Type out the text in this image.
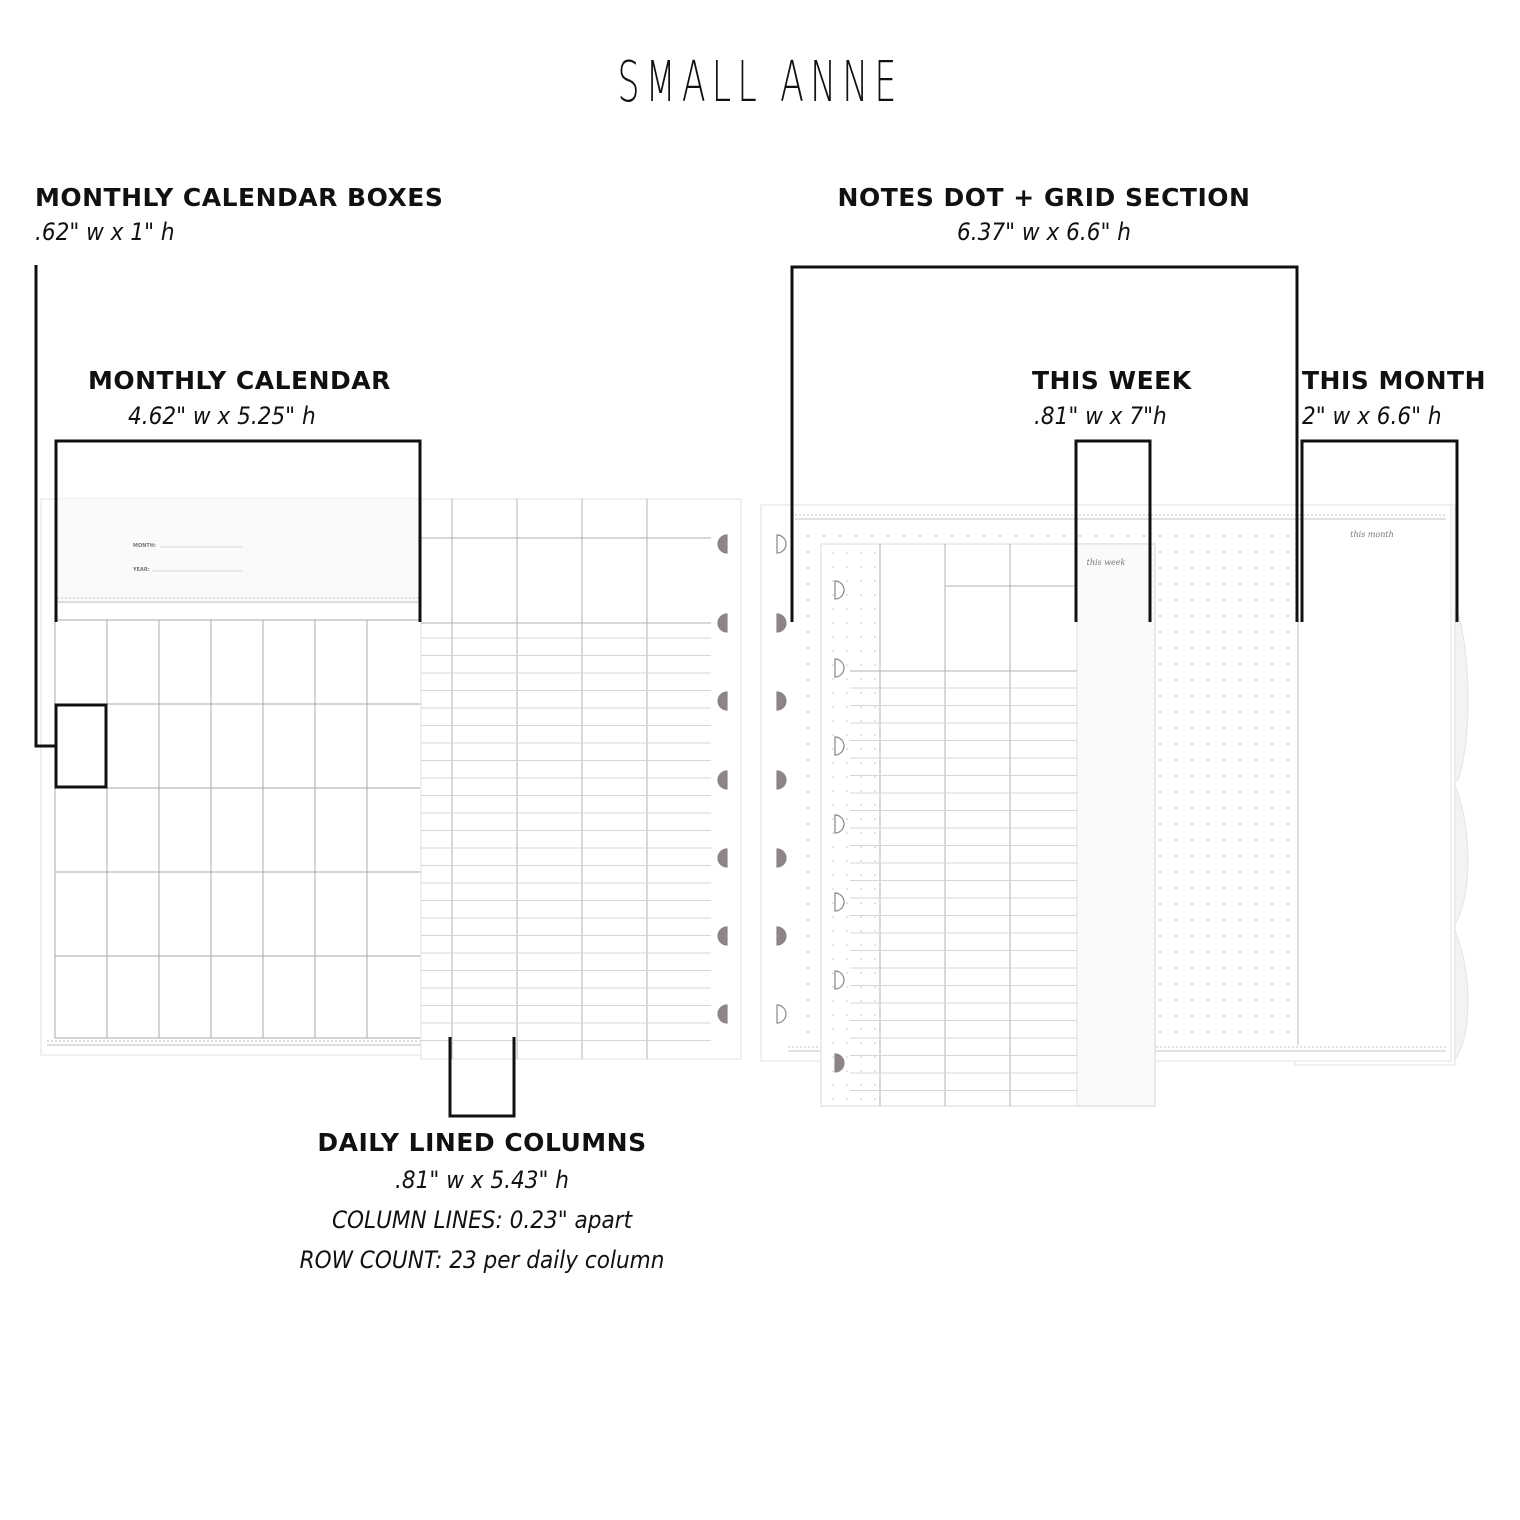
SMALL ANNE
MONTHLY CALENDAR BOXES
.62" w x 1" h
MONTHLY CALENDAR
4.62" w x 5.25" h
NOTES DOT + GRID SECTION
6.37" w x 6.6" h
THIS WEEK
.81" w x 7"h
THIS MONTH
2" w x 6.6" h
DAILY LINED COLUMNS
.81" w x 5.43" h
COLUMN LINES: 0.23" apart
ROW COUNT: 23 per daily column
MONTH:
YEAR:
this month
this week
